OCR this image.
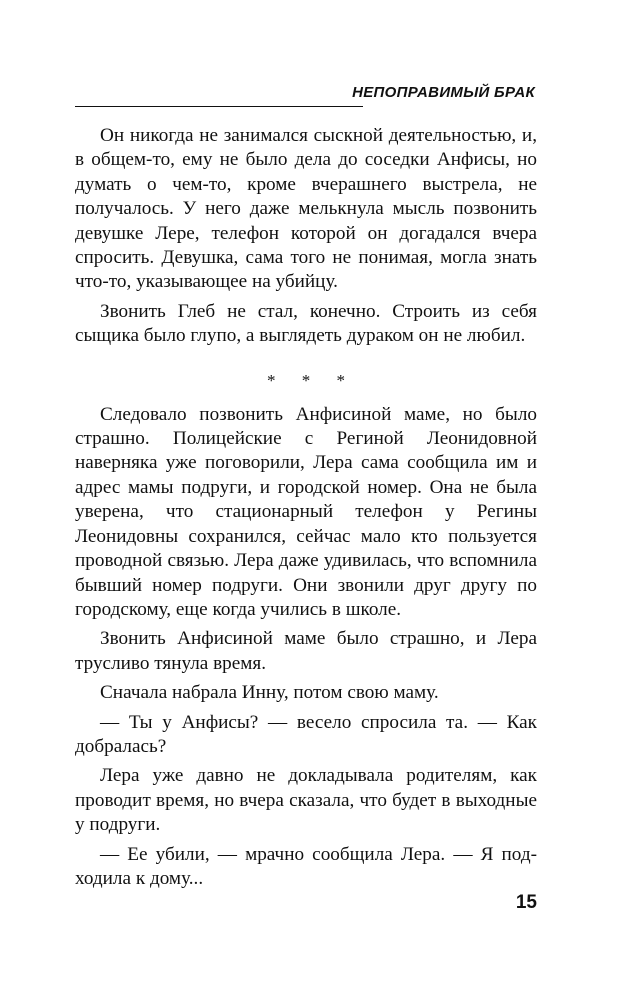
НЕПОПРАВИМЫЙ БРАК

Он никогда не занимался сыскной деятельностью, и, в общем-то, ему не было дела до соседки Анфисы, но думать о чем-то, кроме вчерашнего выстрела, не получалось. У него даже мелькнула мысль позвонить девушке Лере, телефон которой он догадался вчера спросить. Девушка, сама того не понимая, могла знать что-то, указывающее на убийцу.

Звонить Глеб не стал, конечно. Строить из себя сыщика было глупо, а выглядеть дураком он не любил.

* * *

Следовало позвонить Анфисиной маме, но было страшно. Полицейские с Региной Леонидовной наверняка уже поговорили, Лера сама сообщила им и адрес мамы подруги, и городской номер. Она не была уверена, что стационарный телефон у Регины Леонидовны сохранился, сейчас мало кто пользуется проводной связью. Лера даже удивилась, что вспомнила бывший номер подруги. Они звонили друг другу по городскому, еще когда учились в школе.

Звонить Анфисиной маме было страшно, и Лера трусливо тянула время.

Сначала набрала Инну, потом свою маму.

— Ты у Анфисы? — весело спросила та. — Как добралась?

Лера уже давно не докладывала родителям, как проводит время, но вчера сказала, что будет в выходные у подруги.

— Ее убили, — мрачно сообщила Лера. — Я подходила к дому...

15
